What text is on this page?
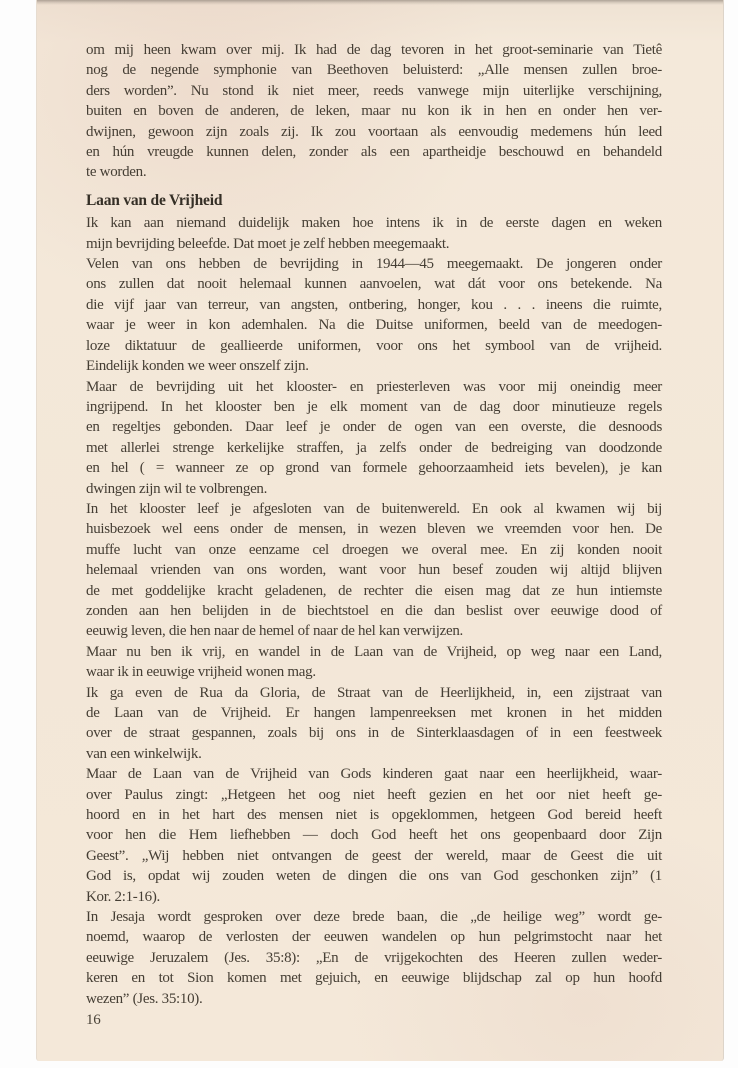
om mij heen kwam over mij. Ik had de dag tevoren in het groot-seminarie van Tietê
nog de negende symphonie van Beethoven beluisterd: „Alle mensen zullen broe-
ders worden”. Nu stond ik niet meer, reeds vanwege mijn uiterlijke verschijning,
buiten en boven de anderen, de leken, maar nu kon ik in hen en onder hen ver-
dwijnen, gewoon zijn zoals zij. Ik zou voortaan als eenvoudig medemens hún leed
en hún vreugde kunnen delen, zonder als een apartheidje beschouwd en behandeld
te worden.
Laan van de Vrijheid
Ik kan aan niemand duidelijk maken hoe intens ik in de eerste dagen en weken
mijn bevrijding beleefde. Dat moet je zelf hebben meegemaakt.
Velen van ons hebben de bevrijding in 1944—45 meegemaakt. De jongeren onder
ons zullen dat nooit helemaal kunnen aanvoelen, wat dát voor ons betekende. Na
die vijf jaar van terreur, van angsten, ontbering, honger, kou . . . ineens die ruimte,
waar je weer in kon ademhalen. Na die Duitse uniformen, beeld van de meedogen-
loze diktatuur de geallieerde uniformen, voor ons het symbool van de vrijheid.
Eindelijk konden we weer onszelf zijn.
Maar de bevrijding uit het klooster- en priesterleven was voor mij oneindig meer
ingrijpend. In het klooster ben je elk moment van de dag door minutieuze regels
en regeltjes gebonden. Daar leef je onder de ogen van een overste, die desnoods
met allerlei strenge kerkelijke straffen, ja zelfs onder de bedreiging van doodzonde
en hel ( = wanneer ze op grond van formele gehoorzaamheid iets bevelen), je kan
dwingen zijn wil te volbrengen.
In het klooster leef je afgesloten van de buitenwereld. En ook al kwamen wij bij
huisbezoek wel eens onder de mensen, in wezen bleven we vreemden voor hen. De
muffe lucht van onze eenzame cel droegen we overal mee. En zij konden nooit
helemaal vrienden van ons worden, want voor hun besef zouden wij altijd blijven
de met goddelijke kracht geladenen, de rechter die eisen mag dat ze hun intiemste
zonden aan hen belijden in de biechtstoel en die dan beslist over eeuwige dood of
eeuwig leven, die hen naar de hemel of naar de hel kan verwijzen.
Maar nu ben ik vrij, en wandel in de Laan van de Vrijheid, op weg naar een Land,
waar ik in eeuwige vrijheid wonen mag.
Ik ga even de Rua da Gloria, de Straat van de Heerlijkheid, in, een zijstraat van
de Laan van de Vrijheid. Er hangen lampenreeksen met kronen in het midden
over de straat gespannen, zoals bij ons in de Sinterklaasdagen of in een feestweek
van een winkelwijk.
Maar de Laan van de Vrijheid van Gods kinderen gaat naar een heerlijkheid, waar-
over Paulus zingt: „Hetgeen het oog niet heeft gezien en het oor niet heeft ge-
hoord en in het hart des mensen niet is opgeklommen, hetgeen God bereid heeft
voor hen die Hem liefhebben — doch God heeft het ons geopenbaard door Zijn
Geest”. „Wij hebben niet ontvangen de geest der wereld, maar de Geest die uit
God is, opdat wij zouden weten de dingen die ons van God geschonken zijn” (1
Kor. 2:1-16).
In Jesaja wordt gesproken over deze brede baan, die „de heilige weg” wordt ge-
noemd, waarop de verlosten der eeuwen wandelen op hun pelgrimstocht naar het
eeuwige Jeruzalem (Jes. 35:8): „En de vrijgekochten des Heeren zullen weder-
keren en tot Sion komen met gejuich, en eeuwige blijdschap zal op hun hoofd
wezen” (Jes. 35:10).
16
